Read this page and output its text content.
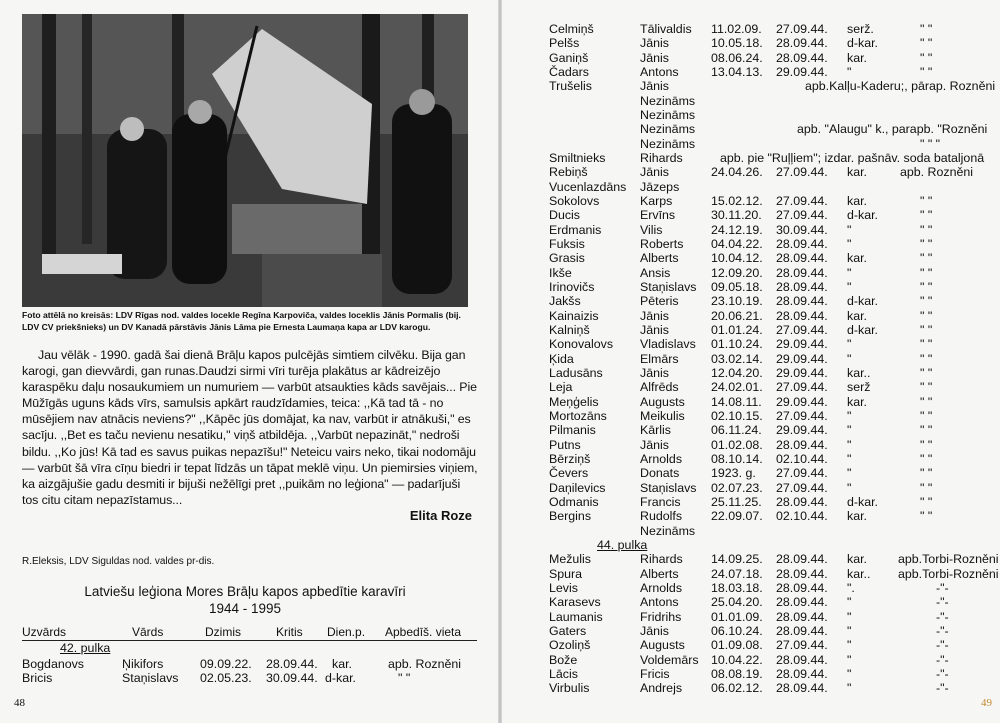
Foto attēlā no kreisās: LDV Rīgas nod. valdes locekle Regīna Karpoviča, valdes loceklis Jānis Pormalis (bij. LDV CV priekšnieks) un DV Kanadā pārstāvis Jānis Lāma pie Ernesta Laumaņa kapa ar LDV karogu.

Jau vēlāk - 1990. gadā šai dienā Brāļu kapos pulcējās simtiem cilvēku. Bija gan karogi, gan dievvārdi, gan runas.Daudzi sirmi vīri turēja plakātus ar kādreizējo karaspēku daļu nosaukumiem un numuriem — varbūt atsaukties kāds savējais... Pie Mūžīgās uguns kāds vīrs, samulsis apkārt raudzīdamies, teica: ,,Kā tad tā - no mūsējiem nav atnācis neviens?" ,,Kāpēc jūs domājat, ka nav, varbūt ir atnākuši," es sacīju. ,,Bet es taču nevienu nesatiku," viņš atbildēja. ,,Varbūt nepazināt," nedroši bildu. ,,Ko jūs! Kā tad es savus puikas nepazīšu!" Neteicu vairs neko, tikai nodomāju — varbūt šā vīra cīņu biedri ir tepat līdzās un tāpat meklē viņu. Un piemirsies viņiem, ka aizgājušie gadu desmiti ir bijuši nežēlīgi pret ,,puikām no leģiona" — padarījuši tos citu citam nepazīstamus...

Elita Roze
R.Eleksis, LDV Siguldas nod. valdes pr-dis.
Latviešu leģiona Mores Brāļu kapos apbedītie karavīri
1944 - 1995
Uzvārds	Vārds	Dzimis	Kritis Dien.p. Apbedīš. vieta
42. pulka
Bogdanovs	Ņikifors	09.09.22. 28.09.44. kar.	apb. Rozněni
Bricis	Staņislavs 02.05.23. 30.09.44. d-kar.	" "
48
Celmiņš	Tālivaldis 11.02.09. 27.09.44. serž.	" "
Pelšs	Jānis	10.05.18. 28.09.44. d-kar.	" "
Ganiņš	Jānis	08.06.24. 28.09.44. kar.	" "
Čadars	Antons	13.04.13. 29.09.44. "	" "
Trušelis	Jānis	apb.Kalļu-Kaderu;, pārap. Rozněni
Nezināms
Nezināms
Nezināms	apb. "Alaugu" k., parapb. "Rozněni
Nezināms	" " "
Smiltnieks	Rihards	apb. pie "Ruļļiem"; izdar. pašnāv. soda bataljonā
Rebiņš	Jānis	24.04.26. 27.09.44. kar.	apb. Rozněni
Vucenlazdāns Jāzeps
Sokolovs	Karps	15.02.12. 27.09.44. kar.	" "
Ducis	Ervīns	30.11.20. 27.09.44. d-kar.	" "
Erdmanis	Vilis	24.12.19. 30.09.44. "	" "
Fuksis	Roberts 04.04.22. 28.09.44. "	" "
Grasis	Alberts	10.04.12. 28.09.44. kar.	" "
Ikše	Ansis	12.09.20. 28.09.44. "	" "
Irinovičs	Staņislavs 09.05.18. 28.09.44. "	" "
Jakšs	Pēteris	23.10.19. 28.09.44. d-kar.	" "
Kainaizis	Jānis	20.06.21. 28.09.44. kar.	" "
Kalniņš	Jānis	01.01.24. 27.09.44. d-kar.	" "
Konovalovs Vladislavs 01.10.24. 29.09.44. "	" "
Ķida	Elmārs	03.02.14. 29.09.44. "	" "
Ladusāns	Jānis	12.04.20. 29.09.44. kar..	" "
Leja	Alfrēds	24.02.01. 27.09.44. serž	" "
Meņģelis	Augusts 14.08.11. 29.09.44. kar.	" "
Mortozāns	Meikulis 02.10.15. 27.09.44. "	" "
Pilmanis	Kārlis	06.11.24. 29.09.44. "	" "
Putns	Jānis	01.02.08. 28.09.44. "	" "
Bērziņš	Arnolds 08.10.14. 02.10.44. "	" "
Čevers	Donats	1923. g. 27.09.44. "	" "
Daņilevics	Staņislavs 02.07.23. 27.09.44. "	" "
Odmanis	Francis 25.11.25. 28.09.44. d-kar.	" "
Bergins	Rudolfs 22.09.07. 02.10.44. kar.	" "
Nezināms
44. pulka
Mežulis	Rihards 14.09.25. 28.09.44. kar.	apb.Torbi-Rozněni
Spura	Alberts	24.07.18. 28.09.44. kar.. apb.Torbi-Rozněni
Levis	Arnolds 18.03.18. 28.09.44. ".	-"-
Karasevs	Antons	25.04.20. 28.09.44. "	-"-
Laumanis	Fridrihs 01.01.09. 28.09.44. "	-"-
Gaters	Jānis	06.10.24. 28.09.44. "	-"-
Ozoliņš	Augusts 01.09.08. 27.09.44. "	-"-
Bože	Voldemārs 10.04.22. 28.09.44. "	-"-
Lācis	Fricis	08.08.19. 28.09.44. "	-"-
Virbulis	Andrejs 06.02.12. 28.09.44. "	-"-
49
